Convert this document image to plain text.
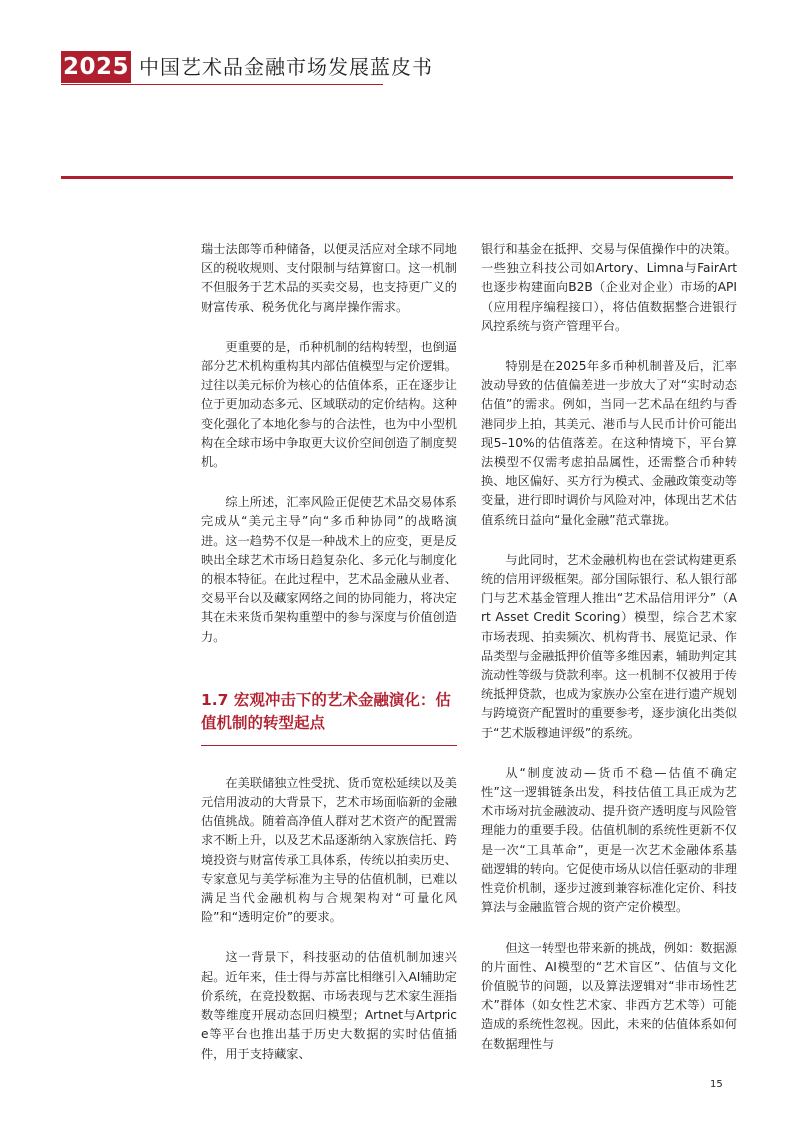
2025 中国艺术品金融市场发展蓝皮书

瑞士法郎等币种储备，以便灵活应对全球不同地区的税收规则、支付限制与结算窗口。这一机制不但服务于艺术品的买卖交易，也支持更广义的财富传承、税务优化与离岸操作需求。

更重要的是，币种机制的结构转型，也倒逼部分艺术机构重构其内部估值模型与定价逻辑。过往以美元标价为核心的估值体系，正在逐步让位于更加动态多元、区域联动的定价结构。这种变化强化了本地化参与的合法性，也为中小型机构在全球市场中争取更大议价空间创造了制度契机。

综上所述，汇率风险正促使艺术品交易体系完成从“美元主导”向“多币种协同”的战略演进。这一趋势不仅是一种战术上的应变，更是反映出全球艺术市场日趋复杂化、多元化与制度化的根本特征。在此过程中，艺术品金融从业者、交易平台以及藏家网络之间的协同能力，将决定其在未来货币架构重塑中的参与深度与价值创造力。

1.7 宏观冲击下的艺术金融演化：估值机制的转型起点

在美联储独立性受扰、货币宽松延续以及美元信用波动的大背景下，艺术市场面临新的金融估值挑战。随着高净值人群对艺术资产的配置需求不断上升，以及艺术品逐渐纳入家族信托、跨境投资与财富传承工具体系，传统以拍卖历史、专家意见与美学标准为主导的估值机制，已难以满足当代金融机构与合规架构对“可量化风险”和“透明定价”的要求。

这一背景下，科技驱动的估值机制加速兴起。近年来，佳士得与苏富比相继引入AI辅助定价系统，在竞投数据、市场表现与艺术家生涯指数等维度开展动态回归模型；Artnet与Artprice等平台也推出基于历史大数据的实时估值插件，用于支持藏家、

银行和基金在抵押、交易与保值操作中的决策。一些独立科技公司如Artory、Limna与FairArt也逐步构建面向B2B（企业对企业）市场的API（应用程序编程接口），将估值数据整合进银行风控系统与资产管理平台。

特别是在2025年多币种机制普及后，汇率波动导致的估值偏差进一步放大了对“实时动态估值”的需求。例如，当同一艺术品在纽约与香港同步上拍，其美元、港币与人民币计价可能出现5–10%的估值落差。在这种情境下，平台算法模型不仅需考虑拍品属性，还需整合币种转换、地区偏好、买方行为模式、金融政策变动等变量，进行即时调价与风险对冲，体现出艺术估值系统日益向“量化金融”范式靠拢。

与此同时，艺术金融机构也在尝试构建更系统的信用评级框架。部分国际银行、私人银行部门与艺术基金管理人推出“艺术品信用评分”（Art Asset Credit Scoring）模型，综合艺术家市场表现、拍卖频次、机构背书、展览记录、作品类型与金融抵押价值等多维因素，辅助判定其流动性等级与贷款利率。这一机制不仅被用于传统抵押贷款，也成为家族办公室在进行遗产规划与跨境资产配置时的重要参考，逐步演化出类似于“艺术版穆迪评级”的系统。

从“制度波动—货币不稳—估值不确定性”这一逻辑链条出发，科技估值工具正成为艺术市场对抗金融波动、提升资产透明度与风险管理能力的重要手段。估值机制的系统性更新不仅是一次“工具革命”，更是一次艺术金融体系基础逻辑的转向。它促使市场从以信任驱动的非理性竞价机制，逐步过渡到兼容标准化定价、科技算法与金融监管合规的资产定价模型。

但这一转型也带来新的挑战，例如：数据源的片面性、AI模型的“艺术盲区”、估值与文化价值脱节的问题，以及算法逻辑对“非市场性艺术”群体（如女性艺术家、非西方艺术等）可能造成的系统性忽视。因此，未来的估值体系如何在数据理性与

15
